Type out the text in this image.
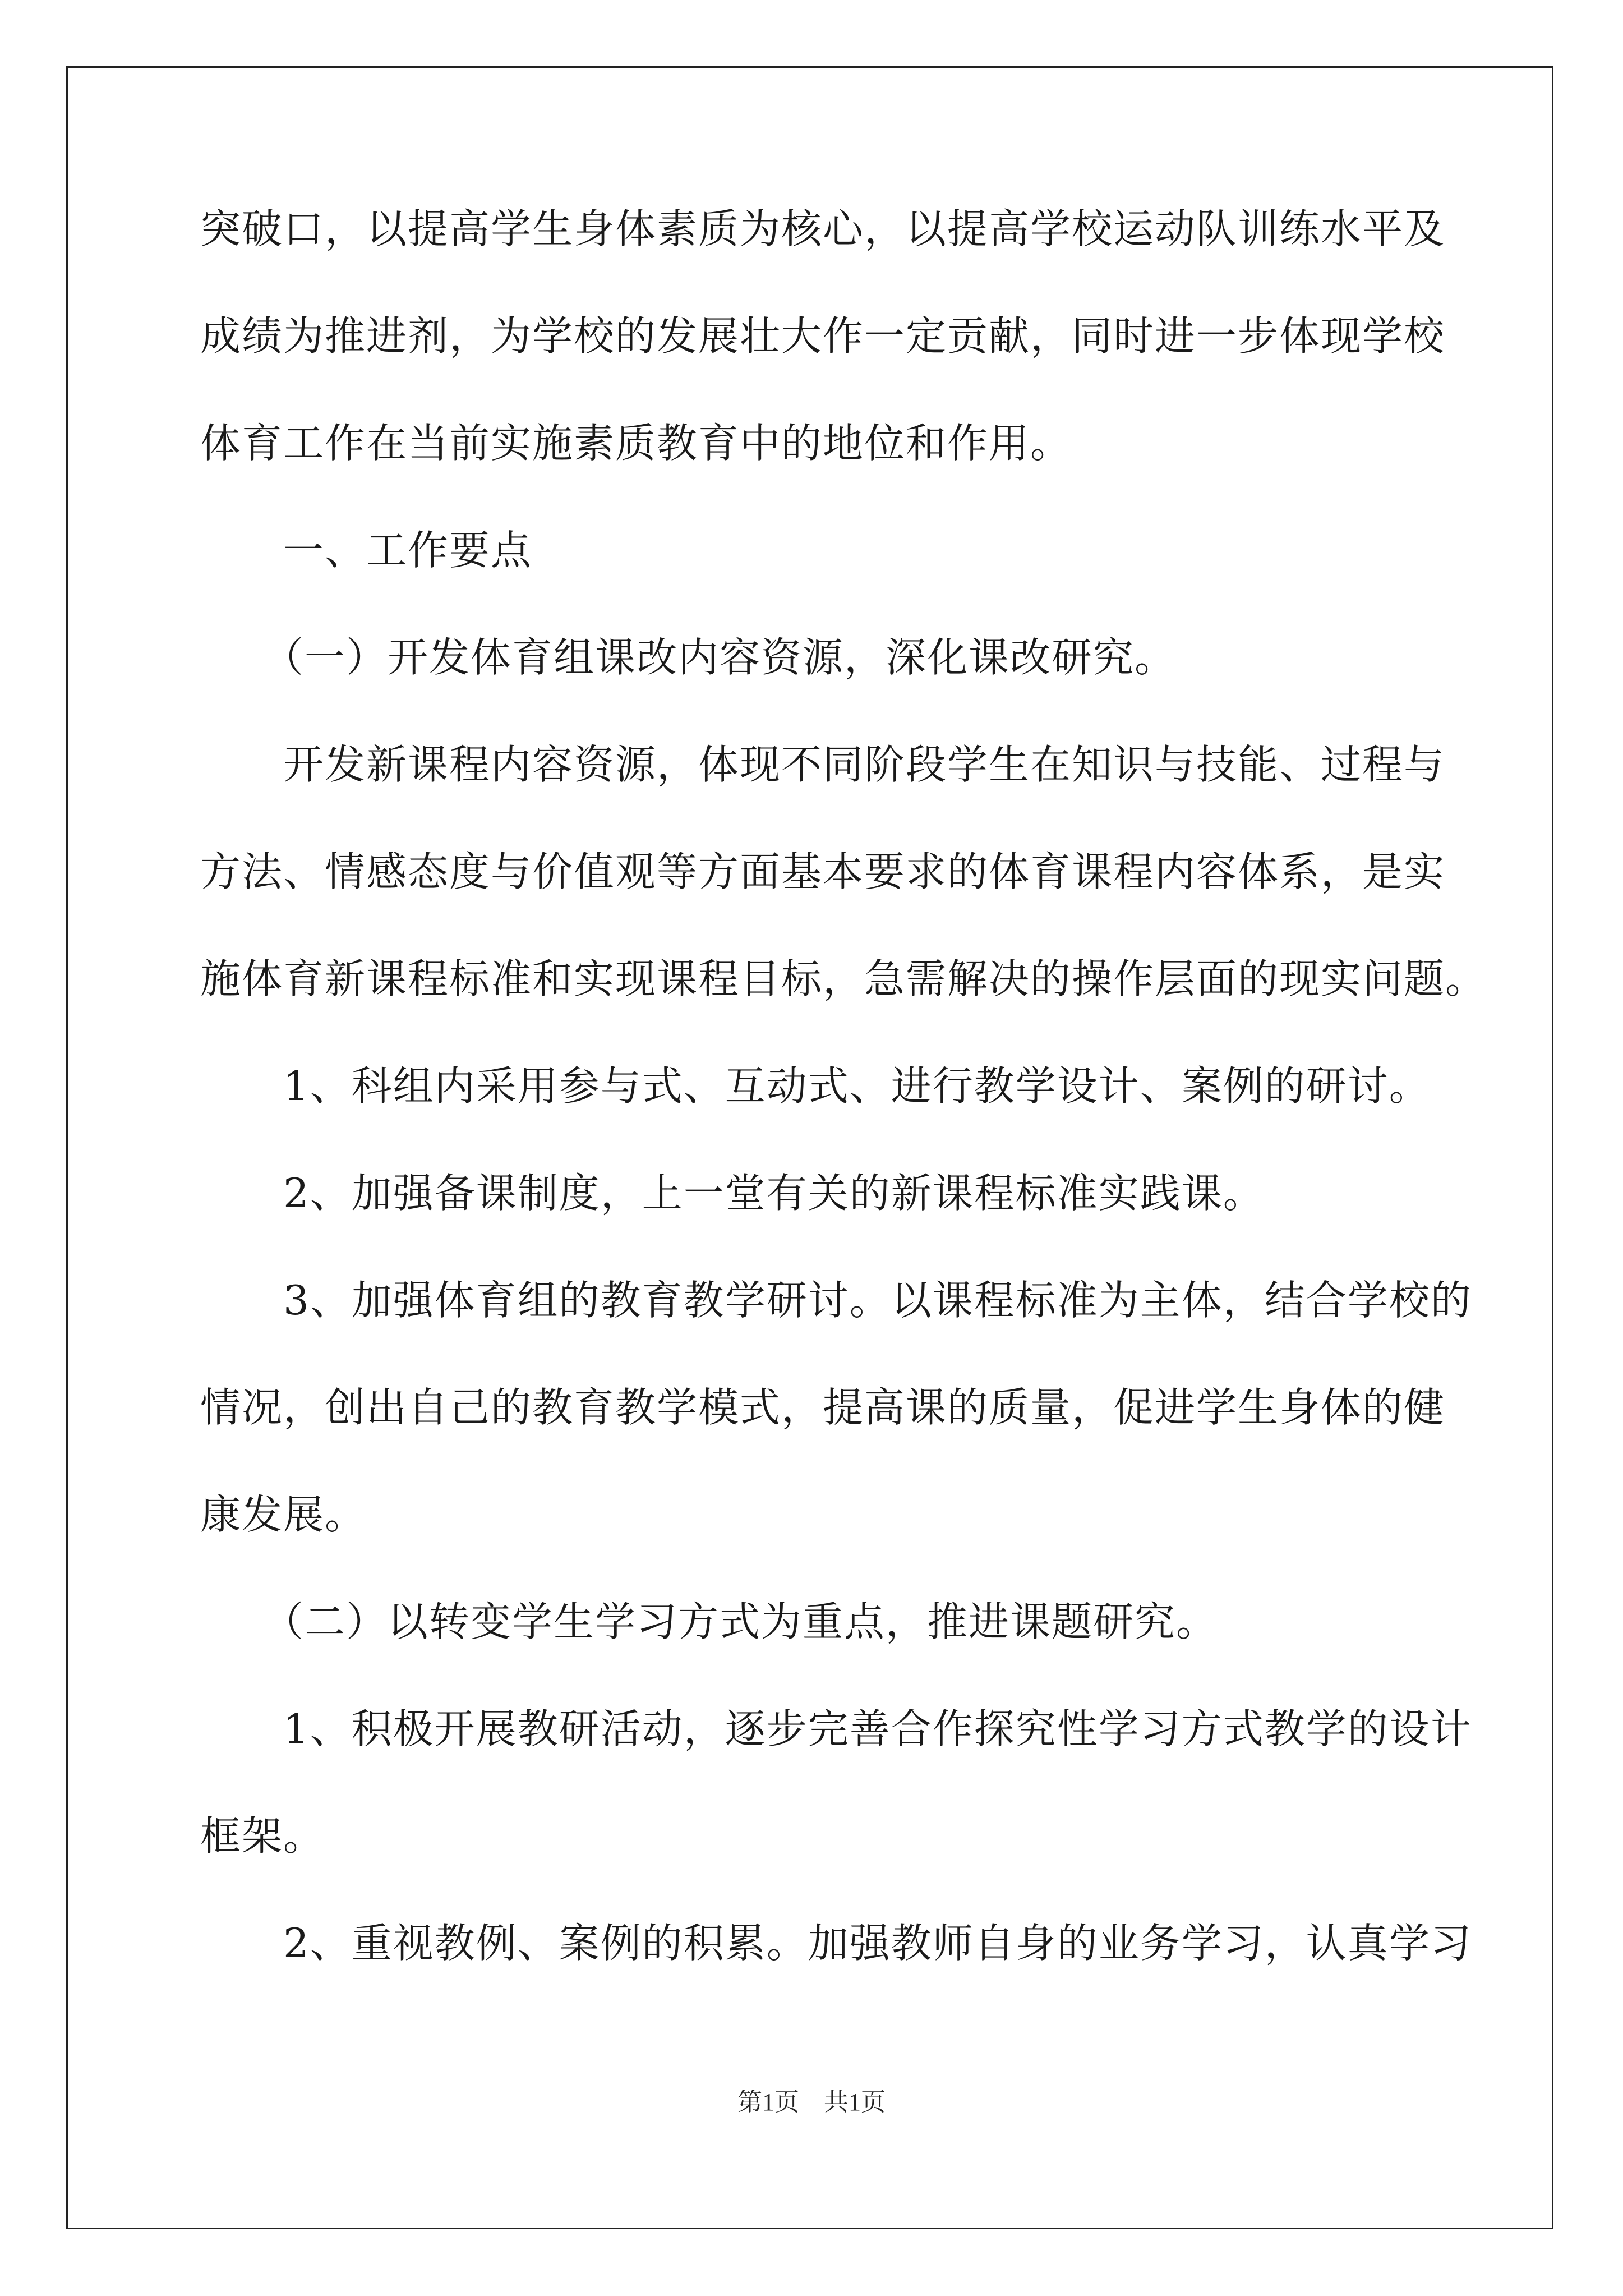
突破口，以提高学生身体素质为核心，以提高学校运动队训练水平及
成绩为推进剂，为学校的发展壮大作一定贡献，同时进一步体现学校
体育工作在当前实施素质教育中的地位和作用。
　　一、工作要点
　　（一）开发体育组课改内容资源，深化课改研究。
　　开发新课程内容资源，体现不同阶段学生在知识与技能、过程与
方法、情感态度与价值观等方面基本要求的体育课程内容体系，是实
施体育新课程标准和实现课程目标，急需解决的操作层面的现实问题。
　　1、科组内采用参与式、互动式、进行教学设计、案例的研讨。
　　2、加强备课制度，上一堂有关的新课程标准实践课。
　　3、加强体育组的教育教学研讨。以课程标准为主体，结合学校的
情况，创出自己的教育教学模式，提高课的质量，促进学生身体的健
康发展。
　　（二）以转变学生学习方式为重点，推进课题研究。
　　1、积极开展教研活动，逐步完善合作探究性学习方式教学的设计
框架。
　　2、重视教例、案例的积累。加强教师自身的业务学习，认真学习
第1页　共1页
